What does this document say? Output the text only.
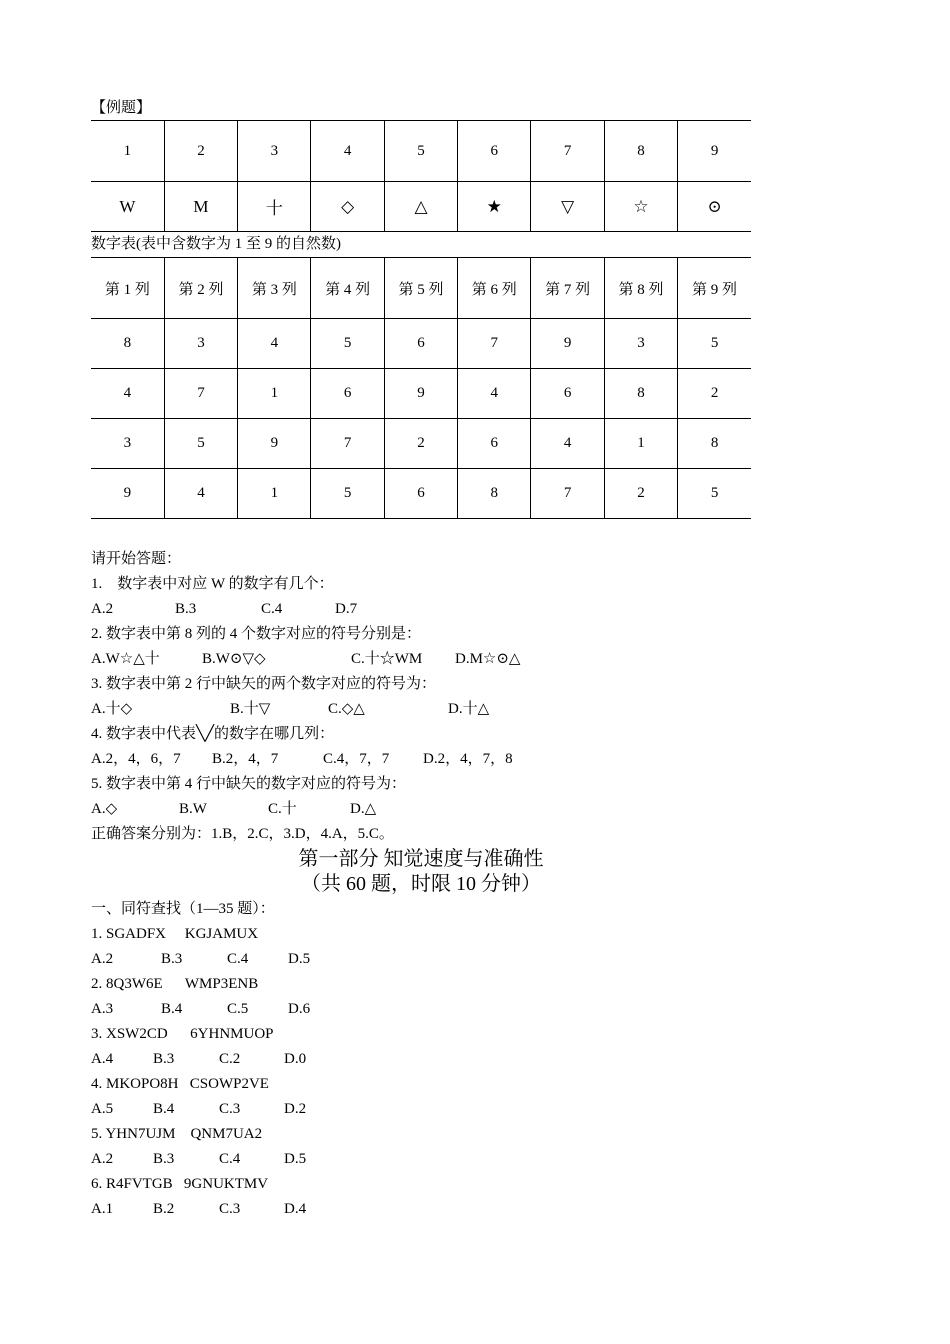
【例题】
1	2	3	4	5	6	7	8	9
W	M	十	◇	△	★	▽	☆	⊙
数字表(表中含数字为 1 至 9 的自然数)
第 1 列	第 2 列	第 3 列	第 4 列	第 5 列	第 6 列	第 7 列	第 8 列	第 9 列
8	3	4	5	6	7	9	3	5
4	7	1	6	9	4	6	8	2
3	5	9	7	2	6	4	1	8
9	4	1	5	6	8	7	2	5
请开始答题：
1.    数字表中对应 W 的数字有几个：
A.2	B.3	C.4	D.7
2. 数字表中第 8 列的 4 个数字对应的符号分别是：
A.W☆△十	B.W⊙▽◇	C.十☆WM D.M☆⊙△
3. 数字表中第 2 行中缺矢的两个数字对应的符号为：
A.十◇	B.十▽	C.◇△	D.十△
4. 数字表中代表╲╱的数字在哪几列：
A.2，4，6，7 B.2，4，7	C.4，7，7 D.2，4，7，8
5. 数字表中第 4 行中缺矢的数字对应的符号为：
A.◇	B.W	C.十	D.△
正确答案分别为：1.B，2.C，3.D，4.A，5.C。
第一部分 知觉速度与准确性
（共 60 题，时限 10 分钟）
一、同符查找（1—35 题）：
1. SGADFX     KGJAMUX
A.2	B.3	C.4	D.5
2. 8Q3W6E      WMP3ENB
A.3	B.4	C.5	D.6
3. XSW2CD      6YHNMUOP
A.4	B.3	C.2	D.0
4. MKOPO8H   CSOWP2VE
A.5	B.4	C.3	D.2
5. YHN7UJM    QNM7UA2
A.2	B.3	C.4	D.5
6. R4FVTGB   9GNUKTMV
A.1	B.2	C.3	D.4
